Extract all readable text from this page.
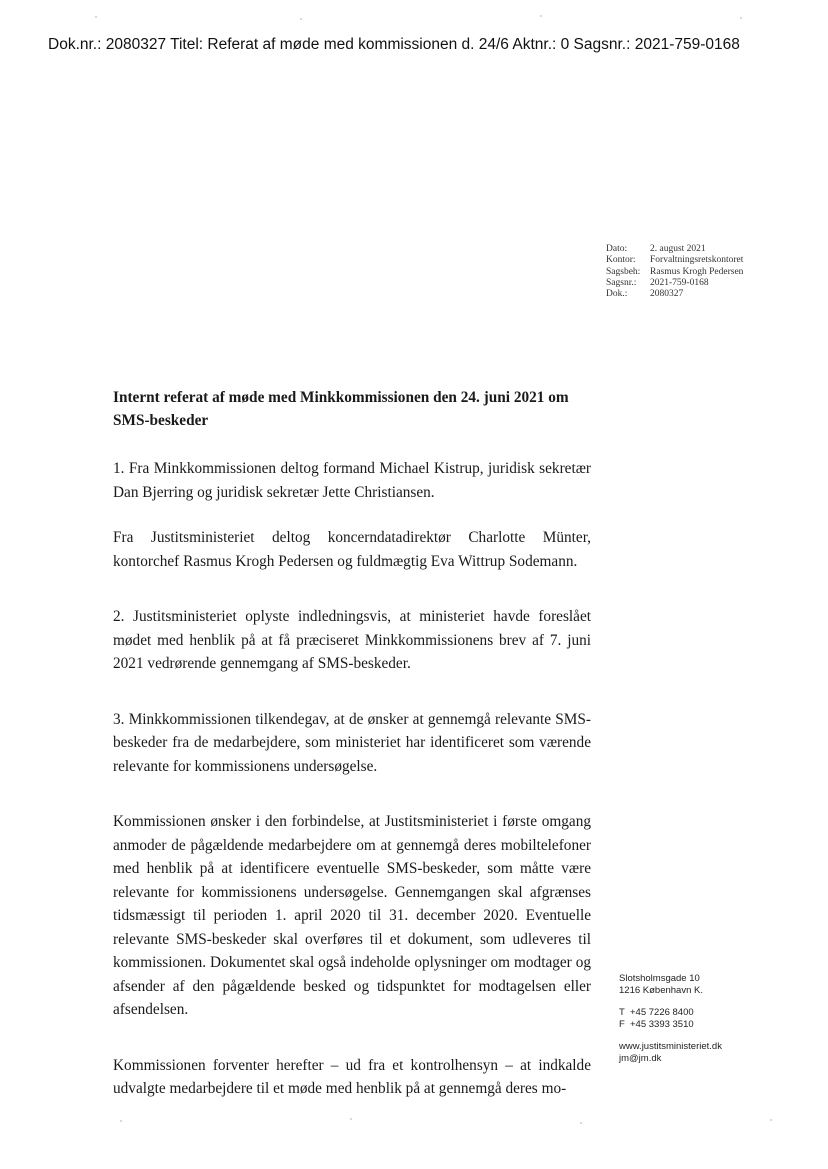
Dok.nr.: 2080327 Titel: Referat af møde med kommissionen d. 24/6 Aktnr.: 0 Sagsnr.: 2021-759-0168
Dato:	2. august 2021
Kontor:	Forvaltningsretskontoret
Sagsbeh:	Rasmus Krogh Pedersen
Sagsnr.:	2021-759-0168
Dok.:	2080327
Internt referat af møde med Minkkommissionen den 24. juni 2021 om SMS-beskeder

1. Fra Minkkommissionen deltog formand Michael Kistrup, juridisk sekretær Dan Bjerring og juridisk sekretær Jette Christiansen.

Fra Justitsministeriet deltog koncerndatadirektør Charlotte Münter, kontorchef Rasmus Krogh Pedersen og fuldmægtig Eva Wittrup Sodemann.

2. Justitsministeriet oplyste indledningsvis, at ministeriet havde foreslået mødet med henblik på at få præciseret Minkkommissionens brev af 7. juni 2021 vedrørende gennemgang af SMS-beskeder.

3. Minkkommissionen tilkendegav, at de ønsker at gennemgå relevante SMS-beskeder fra de medarbejdere, som ministeriet har identificeret som værende relevante for kommissionens undersøgelse.

Kommissionen ønsker i den forbindelse, at Justitsministeriet i første omgang anmoder de pågældende medarbejdere om at gennemgå deres mobiltelefoner med henblik på at identificere eventuelle SMS-beskeder, som måtte være relevante for kommissionens undersøgelse. Gennemgangen skal afgrænses tidsmæssigt til perioden 1. april 2020 til 31. december 2020. Eventuelle relevante SMS-beskeder skal overføres til et dokument, som udleveres til kommissionen. Dokumentet skal også indeholde oplysninger om modtager og afsender af den pågældende besked og tidspunktet for modtagelsen eller afsendelsen.

Kommissionen forventer herefter – ud fra et kontrolhensyn – at indkalde udvalgte medarbejdere til et møde med henblik på at gennemgå deres mo-

Slotsholmsgade 10
1216 København K.
T +45 7226 8400
F +45 3393 3510
www.justitsministeriet.dk
jm@jm.dk
